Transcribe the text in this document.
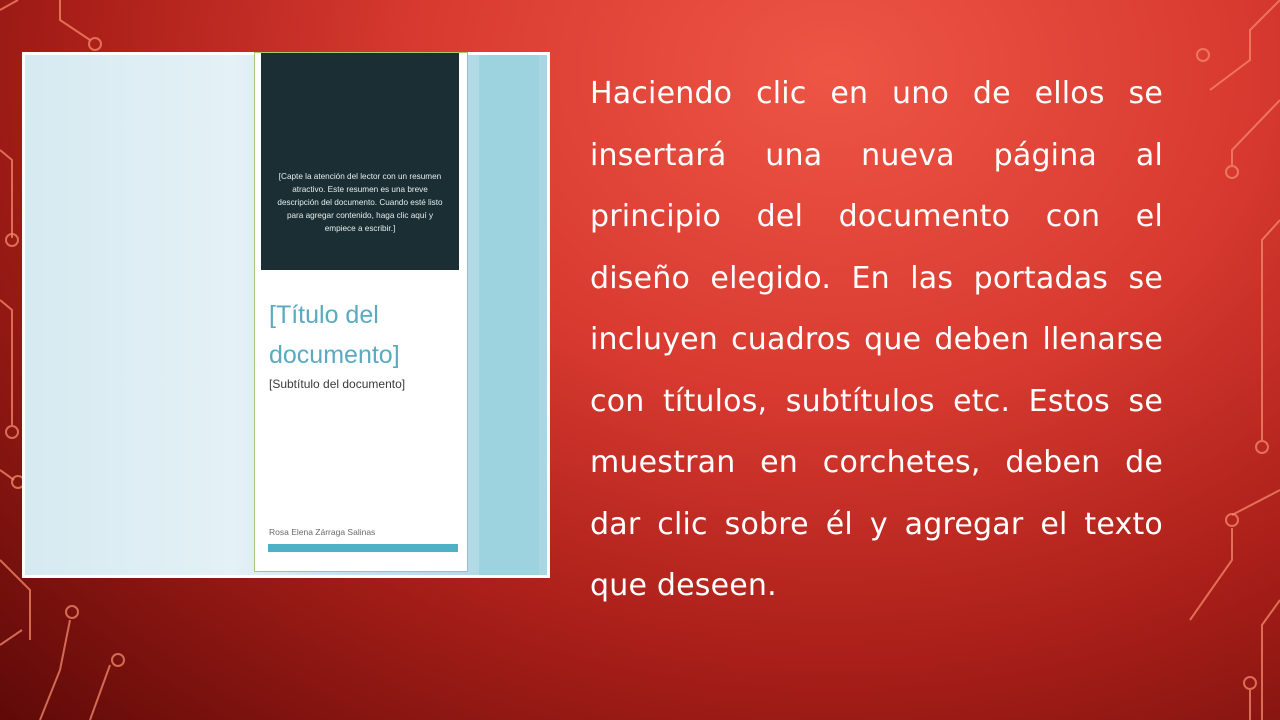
[Capte la atención del lector con un resumen atractivo. Este resumen es una breve descripción del documento. Cuando esté listo para agregar contenido, haga clic aquí y empiece a escribir.]
[Título del documento]
[Subtítulo del documento]
Rosa Elena Zárraga Salinas
Haciendo clic en uno de ellos se insertará una nueva página al principio del documento con el diseño elegido. En las portadas se incluyen cuadros que deben llenarse con títulos, subtítulos etc. Estos se muestran en corchetes, deben de dar clic sobre él y agregar el texto que deseen.
